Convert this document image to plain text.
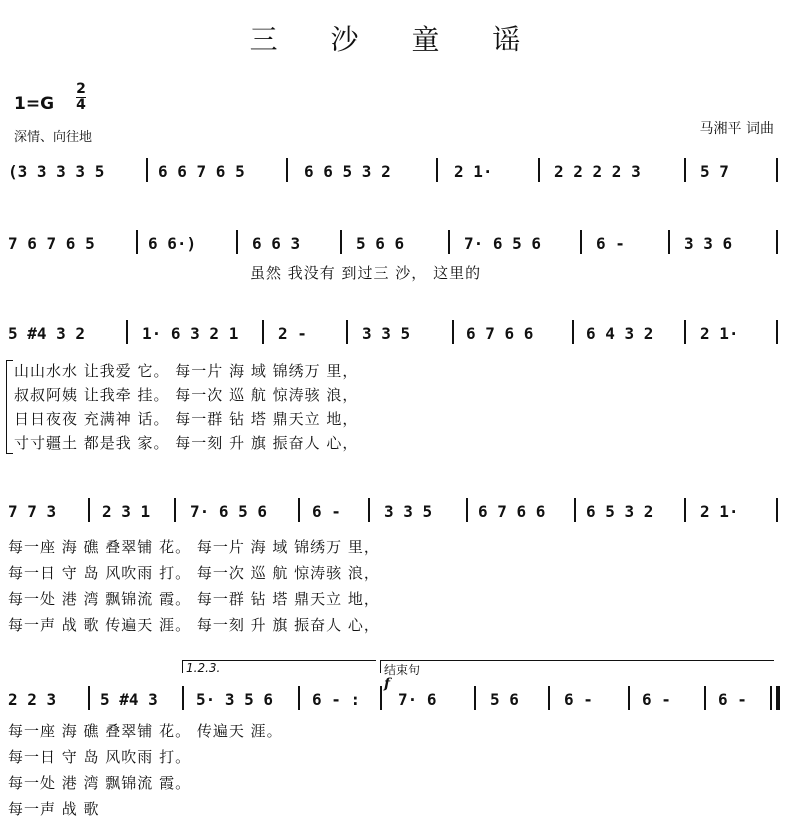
三 沙 童 谣
1=G
2
4
深情、向往地
马湘平 词曲
(3 3 3 3 5	6 6 7 6 5	6 6 5 3 2	2 1·	2 2 2 2 3	5 7
7 6 7 6 5	6 6·)	6 6 3	5 6 6	7· 6 5 6	6 -	3 3 6
虽然 我没有 到过三 沙， 这里的
5 #4 3 2	1· 6 3 2 1 2 -	3 3 5	6 7 6 6	6 4 3 2	2 1·
山山水水 让我爱 它。 每一片 海 域 锦绣万 里，
叔叔阿姨 让我牵 挂。 每一次 巡 航 惊涛骇 浪，
日日夜夜 充满神 话。 每一群 钻 塔 鼎天立 地，
寸寸疆土 都是我 家。 每一刻 升 旗 振奋人 心，
7 7 3	2 3 1 7· 6 5 6	6 -	3 3 5	6 7 6 6	6 5 3 2	2 1·
每一座 海 礁 叠翠铺 花。 每一片 海 域 锦绣万 里，
每一日 守 岛 风吹雨 打。 每一次 巡 航 惊涛骇 浪，
每一处 港 湾 飘锦流 霞。 每一群 钻 塔 鼎天立 地，
每一声 战 歌 传遍天 涯。 每一刻 升 旗 振奋人 心，
1.2.3.	结束句
f
2 2 3	5 #4 3 5· 3 5 6 6 - : 7· 6	5 6	6 -	6 -	6 -
每一座 海 礁 叠翠铺 花。 传遍天 涯。
每一日 守 岛 风吹雨 打。
每一处 港 湾 飘锦流 霞。
每一声 战 歌
